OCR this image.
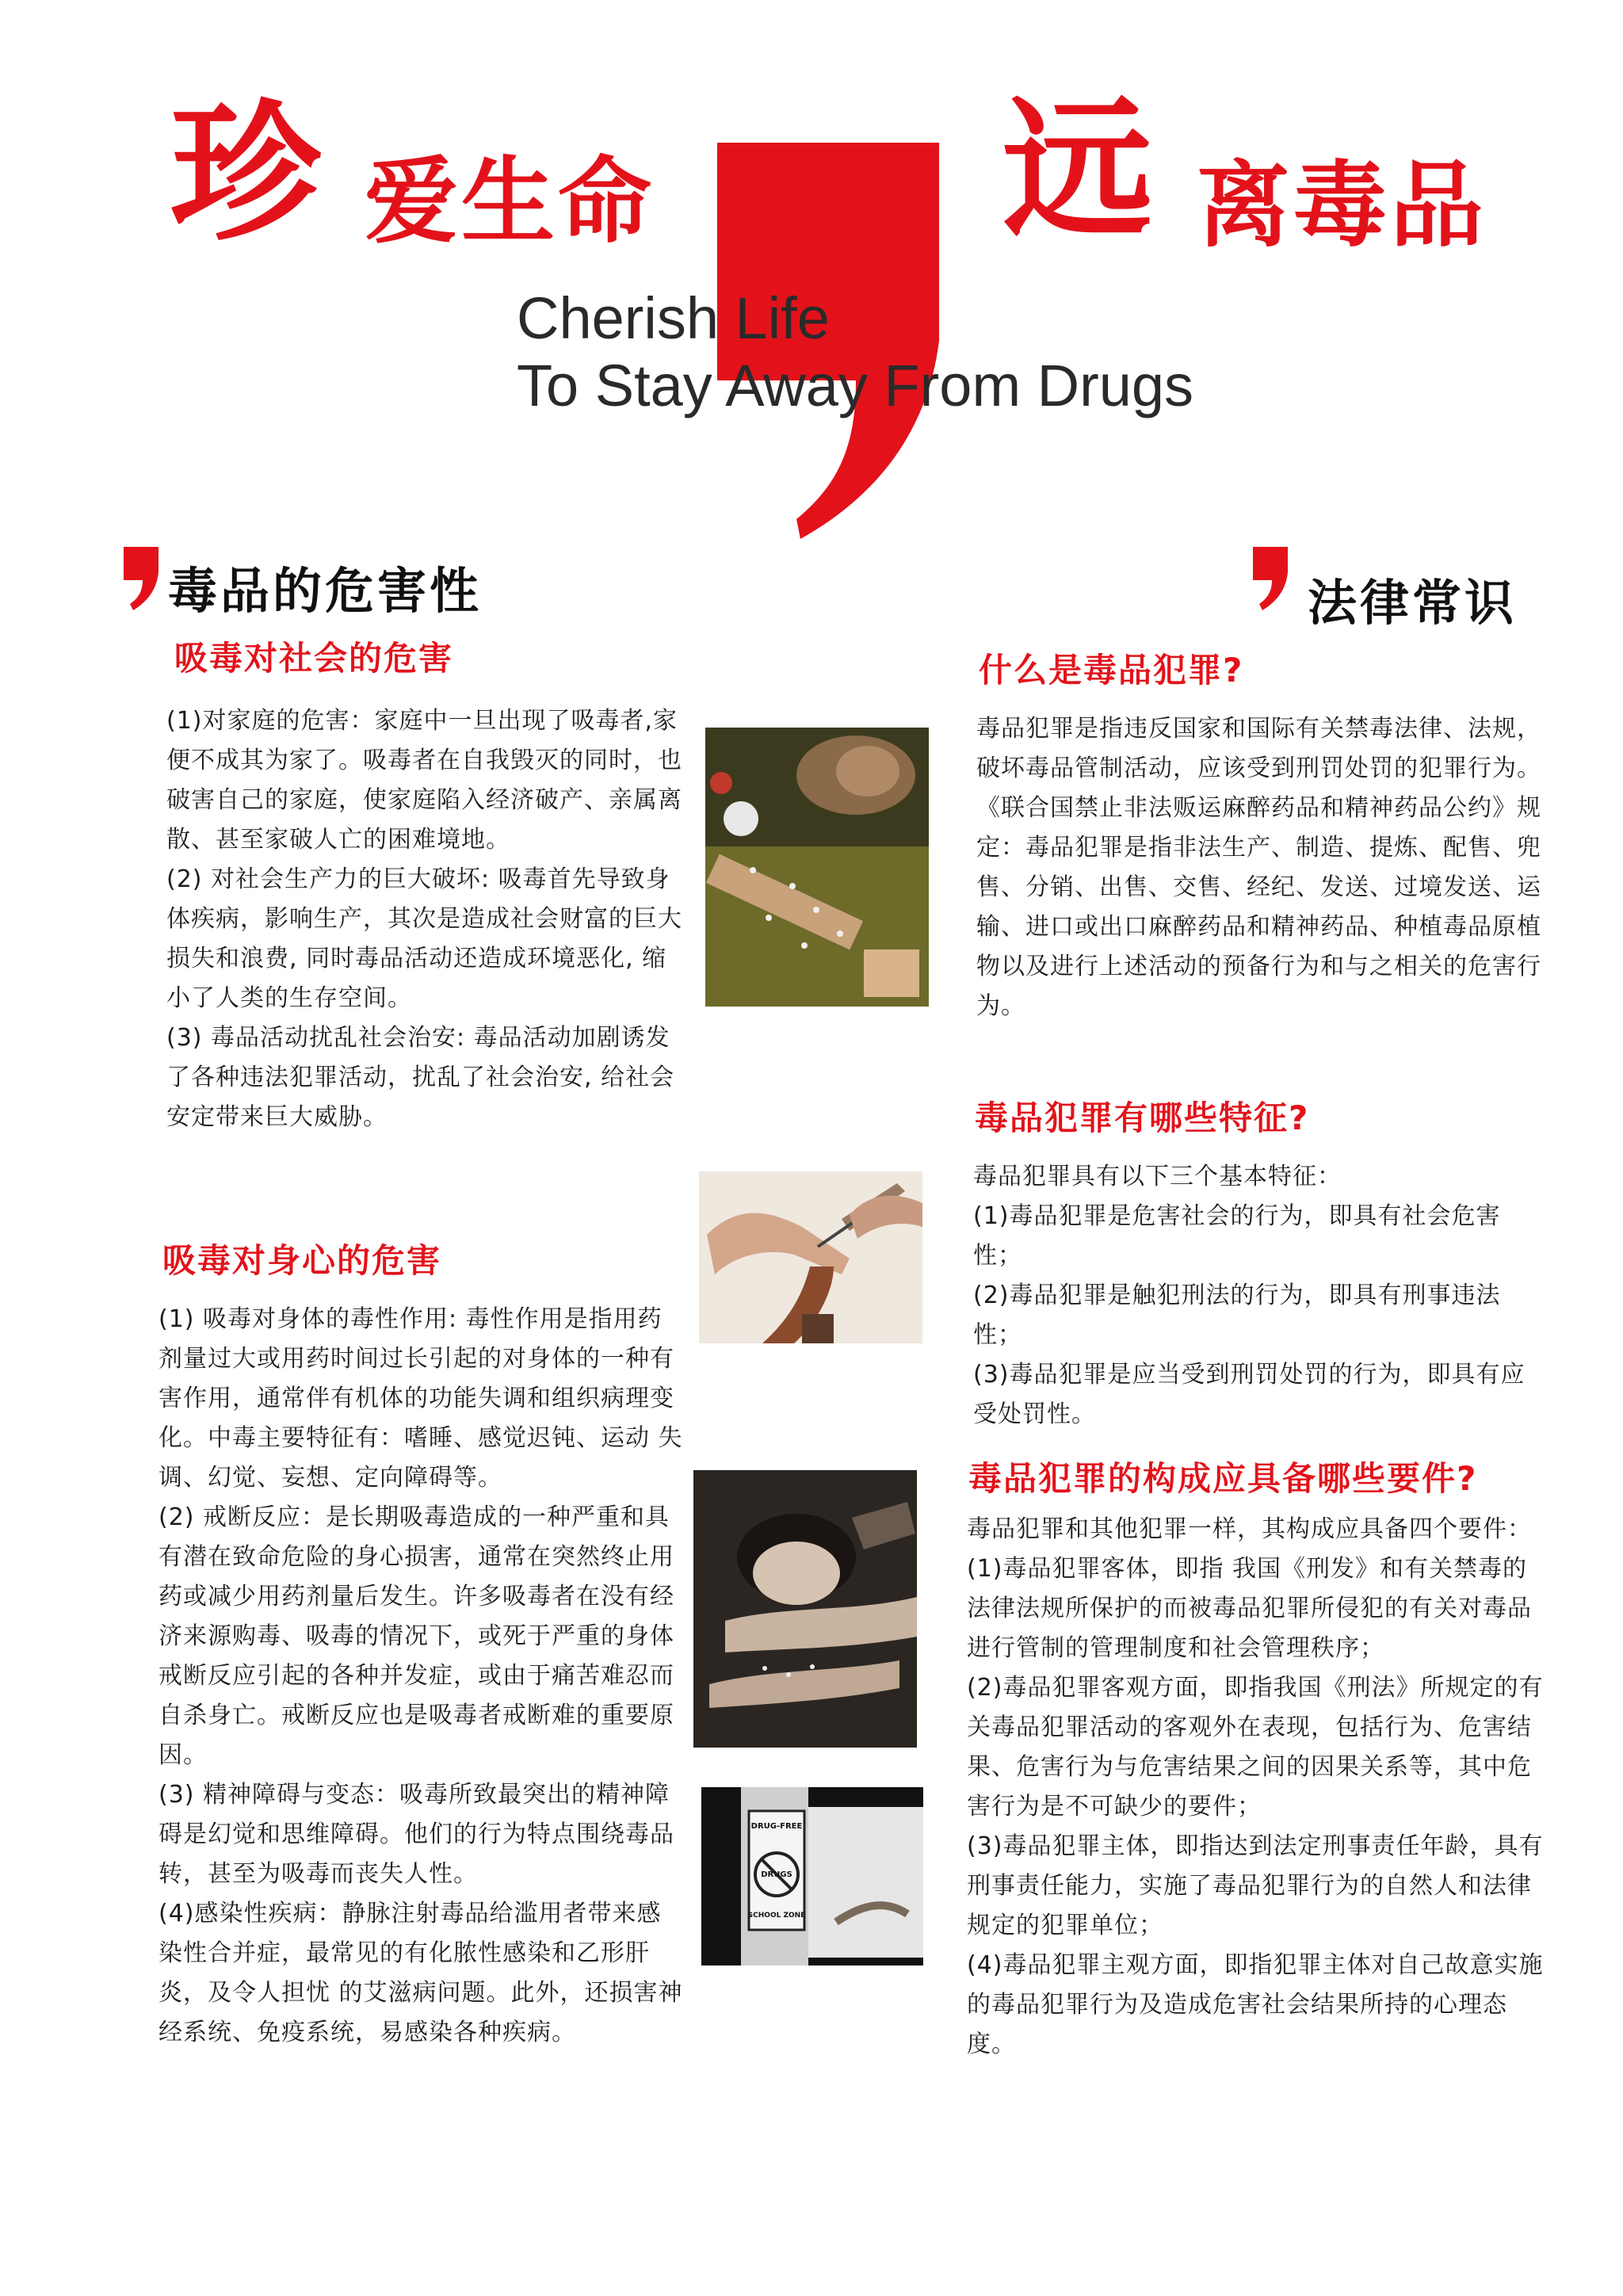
珍 爱生命 远 离毒品
Cherish Life
To Stay Away From Drugs
毒品的危害性
吸毒对社会的危害

(1)对家庭的危害：家庭中一旦出现了吸毒者,家便不成其为家了。吸毒者在自我毁灭的同时，也破害自己的家庭，使家庭陷入经济破产、亲属离散、甚至家破人亡的困难境地。

(2) 对社会生产力的巨大破坏: 吸毒首先导致身体疾病，影响生产，其次是造成社会财富的巨大损失和浪费, 同时毒品活动还造成环境恶化, 缩小了人类的生存空间。

(3) 毒品活动扰乱社会治安: 毒品活动加剧诱发了各种违法犯罪活动，扰乱了社会治安, 给社会安定带来巨大威胁。

吸毒对身心的危害

(1) 吸毒对身体的毒性作用: 毒性作用是指用药剂量过大或用药时间过长引起的对身体的一种有害作用，通常伴有机体的功能失调和组织病理变化。中毒主要特征有：嗜睡、感觉迟钝、运动 失调、幻觉、妄想、定向障碍等。

(2) 戒断反应：是长期吸毒造成的一种严重和具有潜在致命危险的身心损害，通常在突然终止用药或减少用药剂量后发生。许多吸毒者在没有经济来源购毒、吸毒的情况下，或死于严重的身体戒断反应引起的各种并发症，或由于痛苦难忍而自杀身亡。戒断反应也是吸毒者戒断难的重要原因。

(3) 精神障碍与变态：吸毒所致最突出的精神障碍是幻觉和思维障碍。他们的行为特点围绕毒品转，甚至为吸毒而丧失人性。

(4)感染性疾病：静脉注射毒品给滥用者带来感染性合并症，最常见的有化脓性感染和乙形肝炎，及令人担忧 的艾滋病问题。此外，还损害神经系统、免疫系统，易感染各种疾病。

DRUG-FREE
DRUGS
SCHOOL ZONE
法律常识
什么是毒品犯罪?

毒品犯罪是指违反国家和国际有关禁毒法律、法规，破坏毒品管制活动，应该受到刑罚处罚的犯罪行为。《联合国禁止非法贩运麻醉药品和精神药品公约》规定：毒品犯罪是指非法生产、制造、提炼、配售、兜售、分销、出售、交售、经纪、发送、过境发送、运输、进口或出口麻醉药品和精神药品、种植毒品原植物以及进行上述活动的预备行为和与之相关的危害行为。

毒品犯罪有哪些特征?

毒品犯罪具有以下三个基本特征：

(1)毒品犯罪是危害社会的行为，即具有社会危害性；

(2)毒品犯罪是触犯刑法的行为，即具有刑事违法性；

(3)毒品犯罪是应当受到刑罚处罚的行为，即具有应受处罚性。

毒品犯罪的构成应具备哪些要件?

毒品犯罪和其他犯罪一样，其构成应具备四个要件：

(1)毒品犯罪客体，即指 我国《刑发》和有关禁毒的法律法规所保护的而被毒品犯罪所侵犯的有关对毒品进行管制的管理制度和社会管理秩序；

(2)毒品犯罪客观方面，即指我国《刑法》所规定的有关毒品犯罪活动的客观外在表现，包括行为、危害结果、危害行为与危害结果之间的因果关系等，其中危害行为是不可缺少的要件；

(3)毒品犯罪主体，即指达到法定刑事责任年龄，具有刑事责任能力，实施了毒品犯罪行为的自然人和法律规定的犯罪单位；

(4)毒品犯罪主观方面，即指犯罪主体对自己故意实施的毒品犯罪行为及造成危害社会结果所持的心理态度。
